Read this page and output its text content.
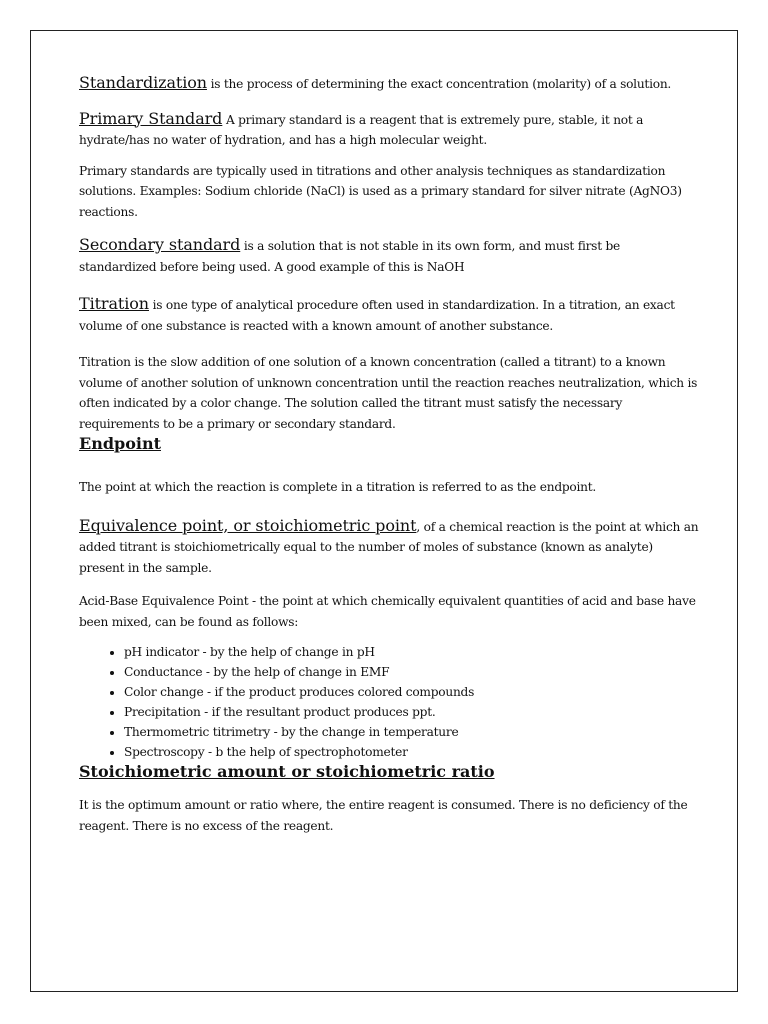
Standardization is the process of determining the exact concentration (molarity) of a solution.

Primary Standard A primary standard is a reagent that is extremely pure, stable, it not a hydrate/has no water of hydration, and has a high molecular weight.

Primary standards are typically used in titrations and other analysis techniques as standardization solutions. Examples: Sodium chloride (NaCl) is used as a primary standard for silver nitrate (AgNO3) reactions.

Secondary standard is a solution that is not stable in its own form, and must first be standardized before being used. A good example of this is NaOH

Titration is one type of analytical procedure often used in standardization. In a titration, an exact volume of one substance is reacted with a known amount of another substance.

Titration is the slow addition of one solution of a known concentration (called a titrant) to a known volume of another solution of unknown concentration until the reaction reaches neutralization, which is often indicated by a color change. The solution called the titrant must satisfy the necessary requirements to be a primary or secondary standard.

Endpoint

The point at which the reaction is complete in a titration is referred to as the endpoint.

Equivalence point, or stoichiometric point, of a chemical reaction is the point at which an added titrant is stoichiometrically equal to the number of moles of substance (known as analyte) present in the sample.

Acid-Base Equivalence Point - the point at which chemically equivalent quantities of acid and base have been mixed, can be found as follows:

• pH indicator - by the help of change in pH
• Conductance - by the help of change in EMF
• Color change - if the product produces colored compounds
• Precipitation - if the resultant product produces ppt.
• Thermometric titrimetry - by the change in temperature
• Spectroscopy - b the help of spectrophotometer
Stoichiometric amount or stoichiometric ratio

It is the optimum amount or ratio where, the entire reagent is consumed. There is no deficiency of the reagent. There is no excess of the reagent.
